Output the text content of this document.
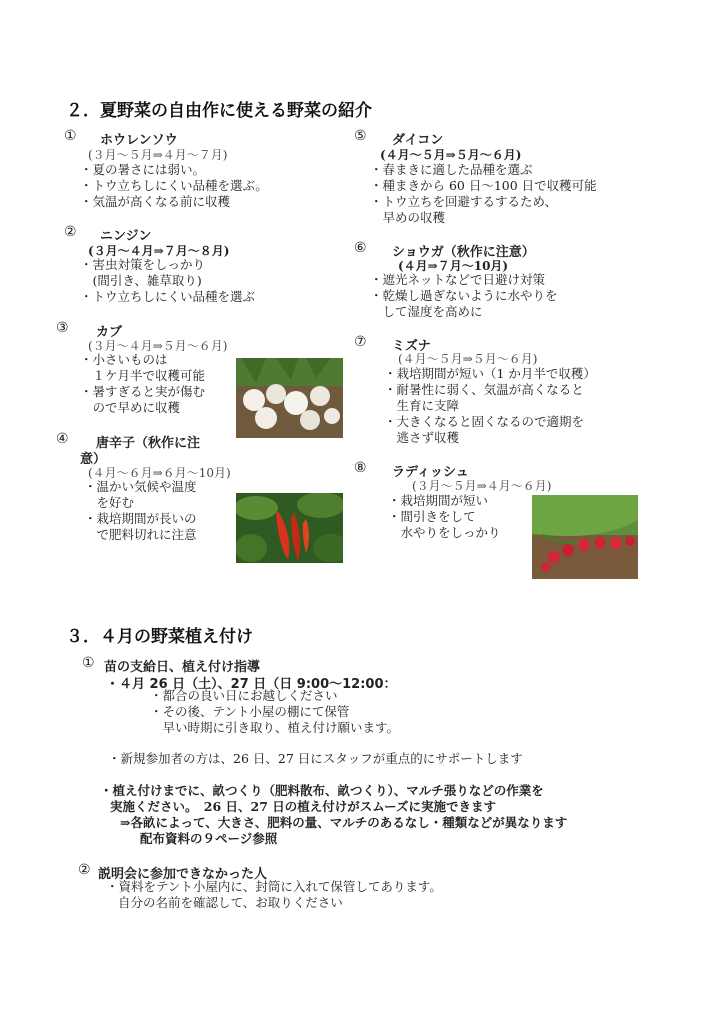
２．夏野菜の自由作に使える野菜の紹介
① ホウレンソウ
(３月～５月⇒４月～７月)
・夏の暑さには弱い。
・トウ立ちしにくい品種を選ぶ。
・気温が高くなる前に収穫
② ニンジン
(３月～４月⇒７月～８月)
・害虫対策をしっかり
　(間引き、雑草取り)
・トウ立ちしにくい品種を選ぶ
③ カブ
(３月～４月⇒５月～６月)
・小さいものは
　１ケ月半で収穫可能
・暑すぎると実が傷む
　ので早めに収穫
④ 唐辛子（秋作に注
意）
(４月～６月⇒６月～10月)
・温かい気候や温度
　を好む
・栽培期間が長いの
　で肥料切れに注意
⑤ ダイコン
(４月～５月⇒５月～６月)
・春まきに適した品種を選ぶ
・種まきから 60 日～100 日で収穫可能
・トウ立ちを回避するするため、
　早めの収穫
⑥ ショウガ（秋作に注意）
(４月⇒７月～10月)
・遮光ネットなどで日避け対策
・乾燥し過ぎないように水やりを
　して湿度を高めに
⑦ ミズナ
(４月～５月⇒５月～６月)
・栽培期間が短い（1 か月半で収穫）
・耐暑性に弱く、気温が高くなると
　生育に支障
・大きくなると固くなるので適期を
　逃さず収穫
⑧ ラディッシュ
(３月～５月⇒４月～６月)
・栽培期間が短い
・間引きをして
　水やりをしっかり
３．４月の野菜植え付け
① 苗の支給日、植え付け指導
・４月 26 日（土）、27 日（日 9:00～12:00：
・都合の良い日にお越しください
・その後、テント小屋の棚にて保管
　早い時期に引き取り、植え付け願います。
・新規参加者の方は、26 日、27 日にスタッフが重点的にサポートします
・植え付けまでに、畝つくり（肥料散布、畝つくり）、マルチ張りなどの作業を
実施ください。　26 日、27 日の植え付けがスムーズに実施できます
⇒各畝によって、大きさ、肥料の量、マルチのあるなし・種類などが異なります
配布資料の９ページ参照
② 説明会に参加できなかった人
・資料をテント小屋内に、封筒に入れて保管してあります。
自分の名前を確認して、お取りください
